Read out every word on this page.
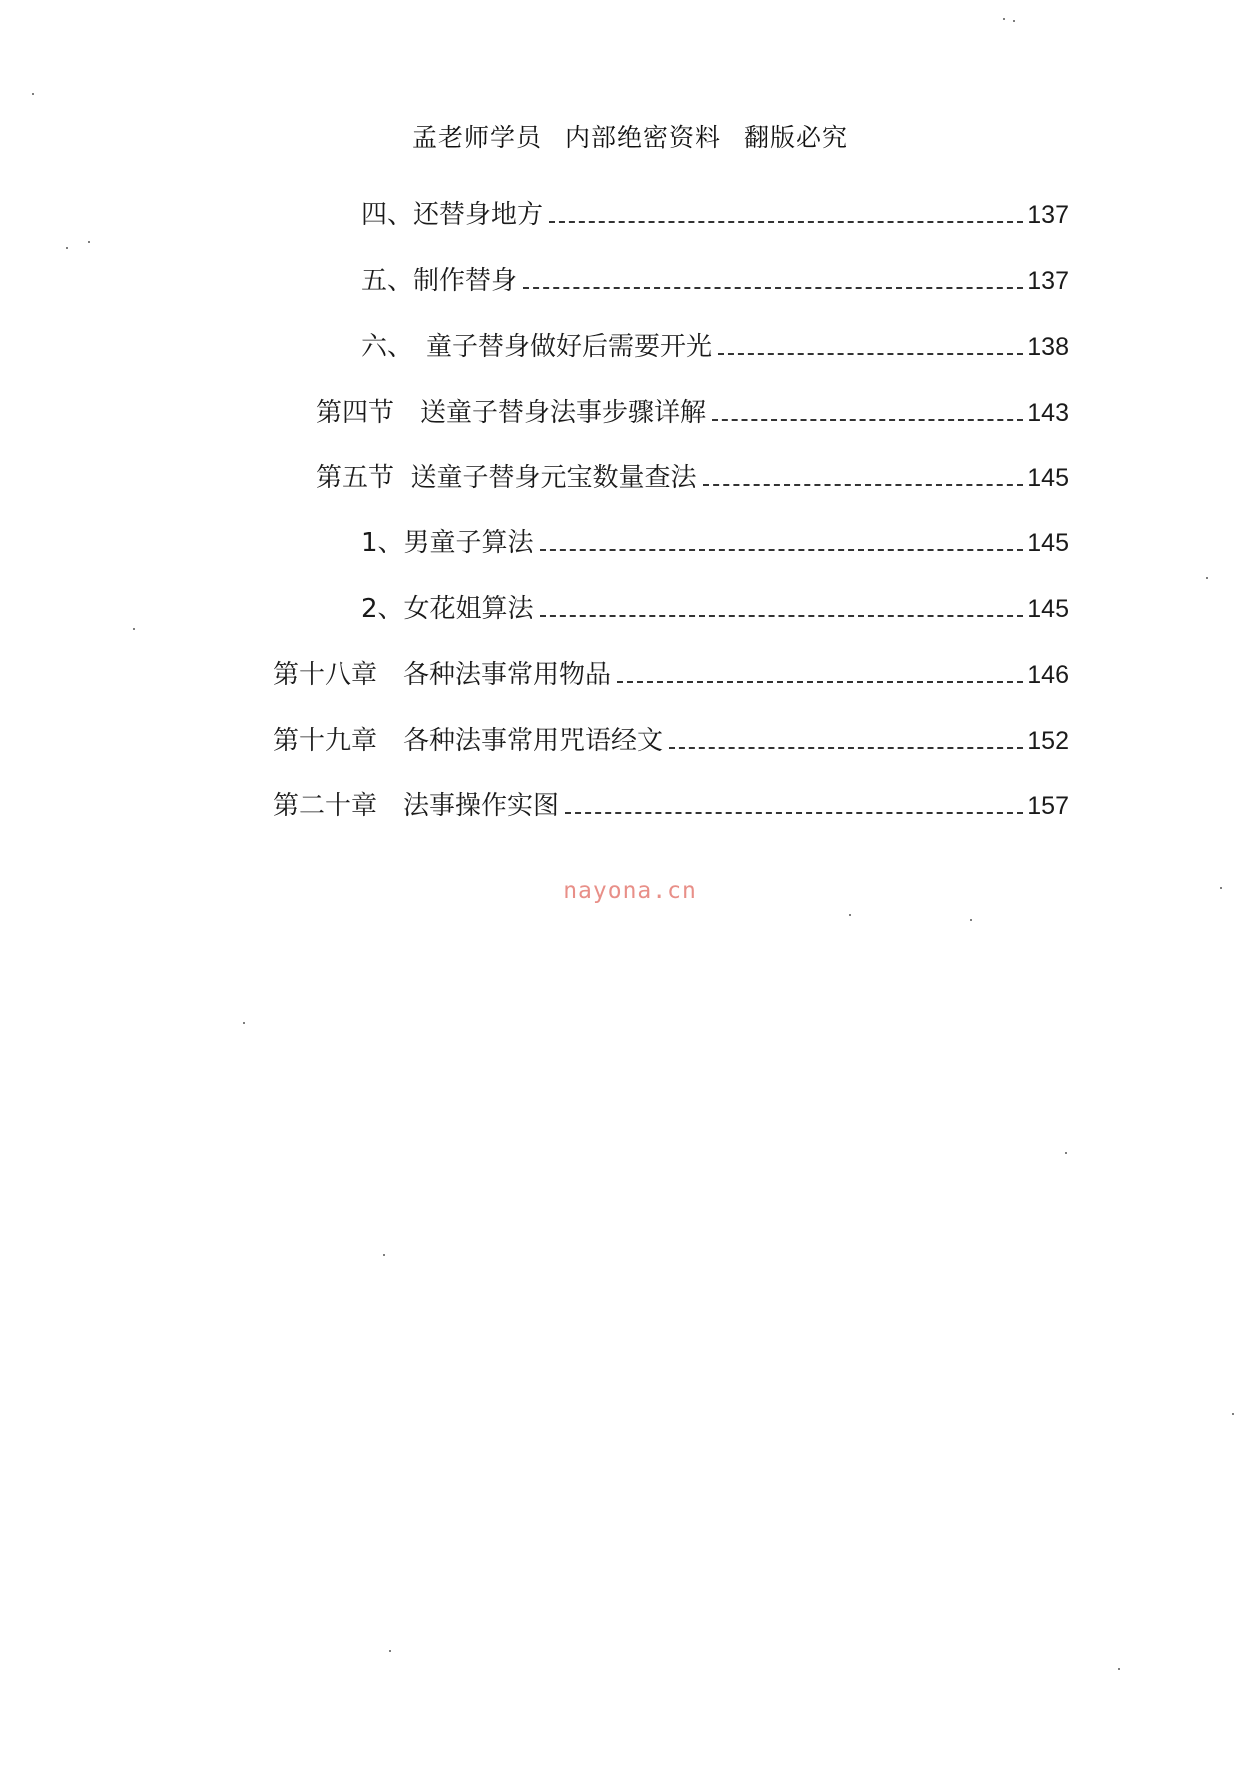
孟老师学员 内部绝密资料 翻版必究
四、还替身地方	137
五、制作替身	137
六、　童子替身做好后需要开光	138
第四节　送童子替身法事步骤详解	143
第五节  送童子替身元宝数量查法	145
1、男童子算法	145
2、女花姐算法	145
第十八章　各种法事常用物品	146
第十九章　各种法事常用咒语经文	152
第二十章　法事操作实图	157
nayona.cn
